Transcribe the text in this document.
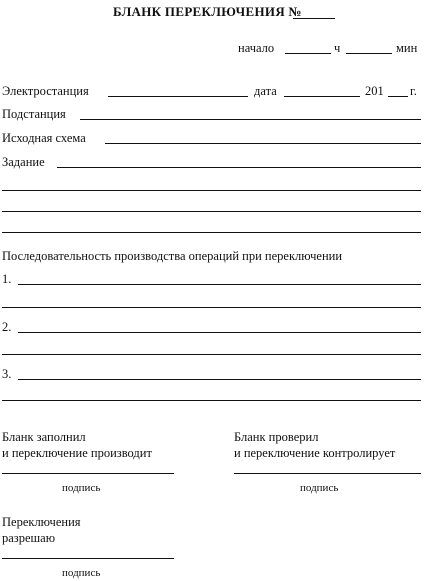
БЛАНК ПЕРЕКЛЮЧЕНИЯ №
начало	ч	мин
Электростанция	дата	201 г.
Подстанция
Исходная схема
Задание
Последовательность производства операций при переключении
1.
2.
3.
Бланк заполнил
и переключение производит
подпись
Бланк проверил
и переключение контролирует
подпись
Переключения
разрешаю
подпись
